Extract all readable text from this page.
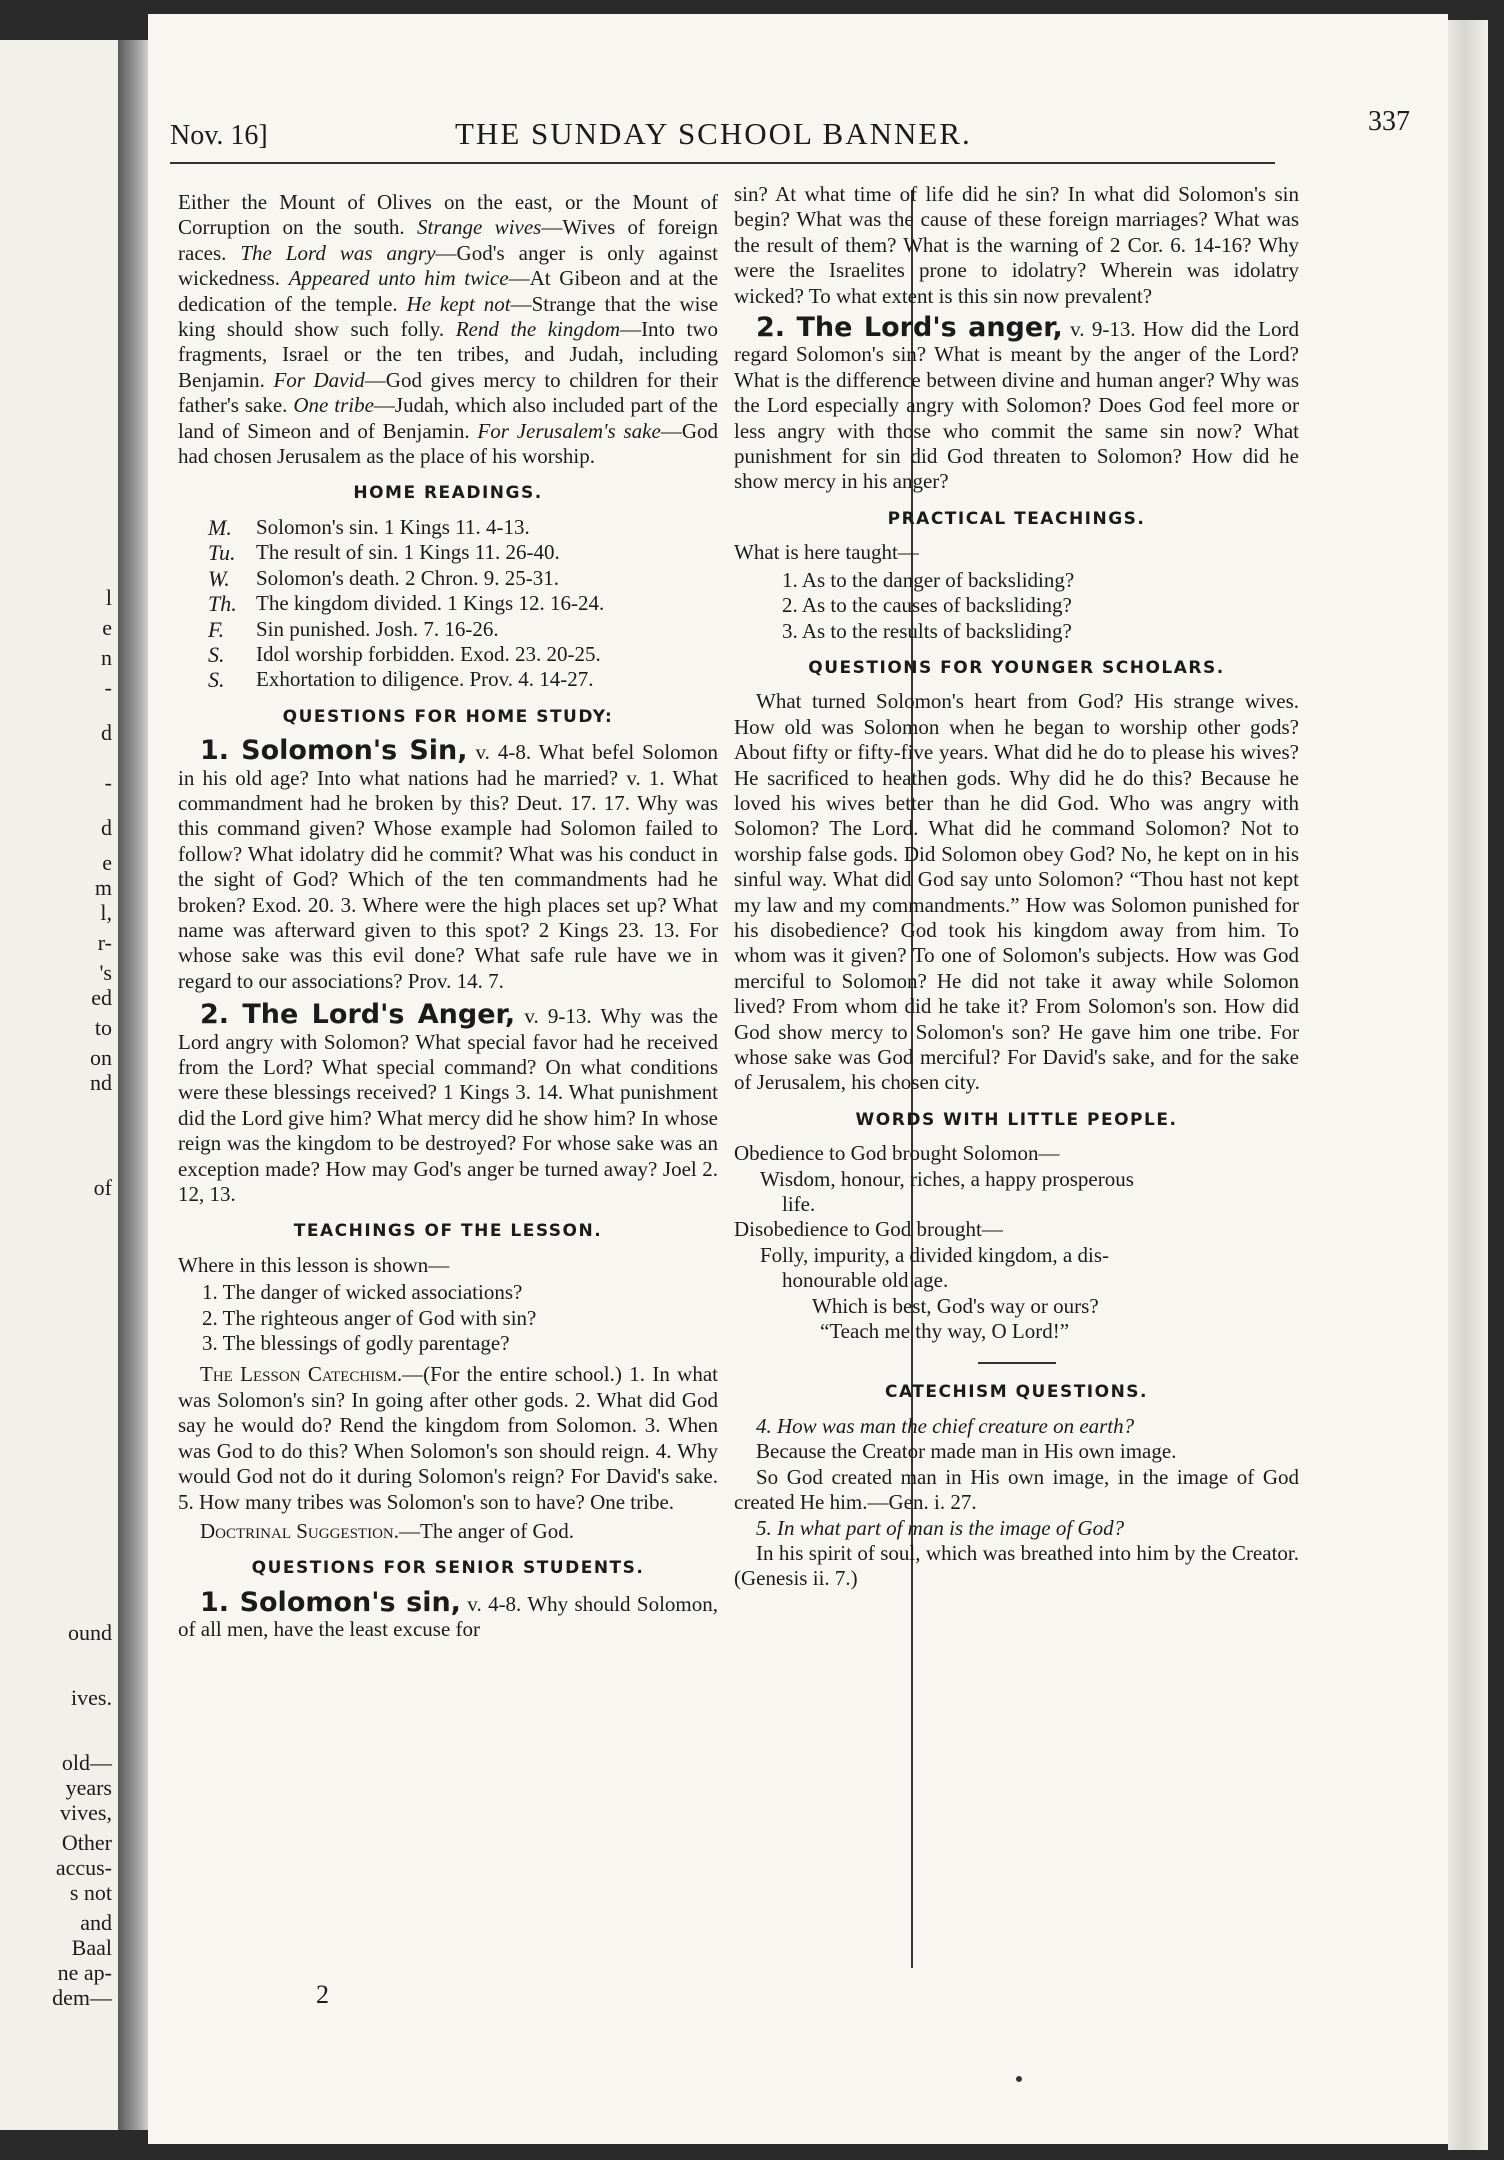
l
e
n
-
d
-
d
e
m
l,
r-
's
ed
to
on
nd
of
ound
ives.
old—
years
vives,
Other
accus-
s not
and
Baal
ne ap-
dem—
Nov. 16]	THE SUNDAY SCHOOL BANNER.	337

Either the Mount of Olives on the east, or the Mount of Corruption on the south. Strange wives—Wives of foreign races. The Lord was angry—God's anger is only against wickedness. Appeared unto him twice—At Gibeon and at the dedication of the temple. He kept not—Strange that the wise king should show such folly. Rend the kingdom—Into two fragments, Israel or the ten tribes, and Judah, including Benjamin. For David—God gives mercy to children for their father's sake. One tribe—Judah, which also included part of the land of Simeon and of Benjamin. For Jerusalem's sake—God had chosen Jerusalem as the place of his worship.

HOME READINGS.
M.	Solomon's sin. 1 Kings 11. 4-13.
Tu. The result of sin. 1 Kings 11. 26-40.
W.	Solomon's death. 2 Chron. 9. 25-31.
Th. The kingdom divided. 1 Kings 12. 16-24.
F.	Sin punished. Josh. 7. 16-26.
S.	Idol worship forbidden. Exod. 23. 20-25.
S.	Exhortation to diligence. Prov. 4. 14-27.
QUESTIONS FOR HOME STUDY:

1. Solomon's Sin, v. 4-8. What befel Solomon in his old age? Into what nations had he married? v. 1. What commandment had he broken by this? Deut. 17. 17. Why was this command given? Whose example had Solomon failed to follow? What idolatry did he commit? What was his conduct in the sight of God? Which of the ten commandments had he broken? Exod. 20. 3. Where were the high places set up? What name was afterward given to this spot? 2 Kings 23. 13. For whose sake was this evil done? What safe rule have we in regard to our associations? Prov. 14. 7.

2. The Lord's Anger, v. 9-13. Why was the Lord angry with Solomon? What special favor had he received from the Lord? What special command? On what conditions were these blessings received? 1 Kings 3. 14. What punishment did the Lord give him? What mercy did he show him? In whose reign was the kingdom to be destroyed? For whose sake was an exception made? How may God's anger be turned away? Joel 2. 12, 13.

TEACHINGS OF THE LESSON.

Where in this lesson is shown—

1. The danger of wicked associations?
2. The righteous anger of God with sin?
3. The blessings of godly parentage?

The Lesson Catechism.—(For the entire school.) 1. In what was Solomon's sin? In going after other gods. 2. What did God say he would do? Rend the kingdom from Solomon. 3. When was God to do this? When Solomon's son should reign. 4. Why would God not do it during Solomon's reign? For David's sake. 5. How many tribes was Solomon's son to have? One tribe.

Doctrinal Suggestion.—The anger of God.

QUESTIONS FOR SENIOR STUDENTS.

1. Solomon's sin, v. 4-8. Why should Solomon, of all men, have the least excuse for

sin? At what time of life did he sin? In what did Solomon's sin begin? What was the cause of these foreign marriages? What was the result of them? What is the warning of 2 Cor. 6. 14-16? Why were the Israelites prone to idolatry? Wherein was idolatry wicked? To what extent is this sin now prevalent?

2. The Lord's anger, v. 9-13. How did the Lord regard Solomon's sin? What is meant by the anger of the Lord? What is the difference between divine and human anger? Why was the Lord especially angry with Solomon? Does God feel more or less angry with those who commit the same sin now? What punishment for sin did God threaten to Solomon? How did he show mercy in his anger?

PRACTICAL TEACHINGS.

What is here taught—

1. As to the danger of backsliding?
2. As to the causes of backsliding?
3. As to the results of backsliding?
QUESTIONS FOR YOUNGER SCHOLARS.

What turned Solomon's heart from God? His strange wives. How old was Solomon when he began to worship other gods? About fifty or fifty-five years. What did he do to please his wives? He sacrificed to heathen gods. Why did he do this? Because he loved his wives better than he did God. Who was angry with Solomon? The Lord. What did he command Solomon? Not to worship false gods. Did Solomon obey God? No, he kept on in his sinful way. What did God say unto Solomon? “Thou hast not kept my law and my commandments.” How was Solomon punished for his disobedience? God took his kingdom away from him. To whom was it given? To one of Solomon's subjects. How was God merciful to Solomon? He did not take it away while Solomon lived? From whom did he take it? From Solomon's son. How did God show mercy to Solomon's son? He gave him one tribe. For whose sake was God merciful? For David's sake, and for the sake of Jerusalem, his chosen city.

WORDS WITH LITTLE PEOPLE.

Obedience to God brought Solomon—

Wisdom, honour, riches, a happy prosperous

life.

Disobedience to God brought—

Folly, impurity, a divided kingdom, a dis-

honourable old age.

Which is best, God's way or ours?

“Teach me thy way, O Lord!”

CATECHISM QUESTIONS.

4. How was man the chief creature on earth?

Because the Creator made man in His own image.

So God created man in His own image, in the image of God created He him.—Gen. i. 27.

5. In what part of man is the image of God?

In his spirit of soul, which was breathed into him by the Creator. (Genesis ii. 7.)

2
